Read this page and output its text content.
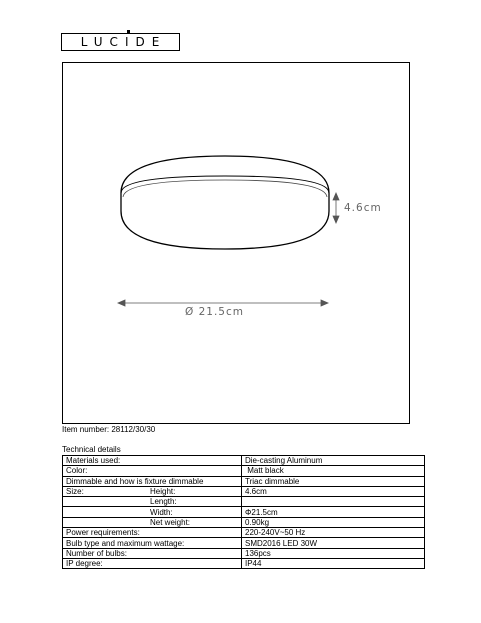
LUC
IDE
4.6cm
Ø 21.5cm
Item number: 28112/30/30
Technical details
Materials used:	Die-casting Aluminum
Color:	Matt black
Dimmable and how is fixture dimmable	Triac dimmable
Size: Height:	4.6cm

Length:	

Width:	Φ21.5cm

Net weight:	0.90kg
Power requirements:	220-240V~50 Hz
Bulb type and maximum wattage:	SMD2016 LED 30W
Number of bulbs:	136pcs
IP degree:	IP44
